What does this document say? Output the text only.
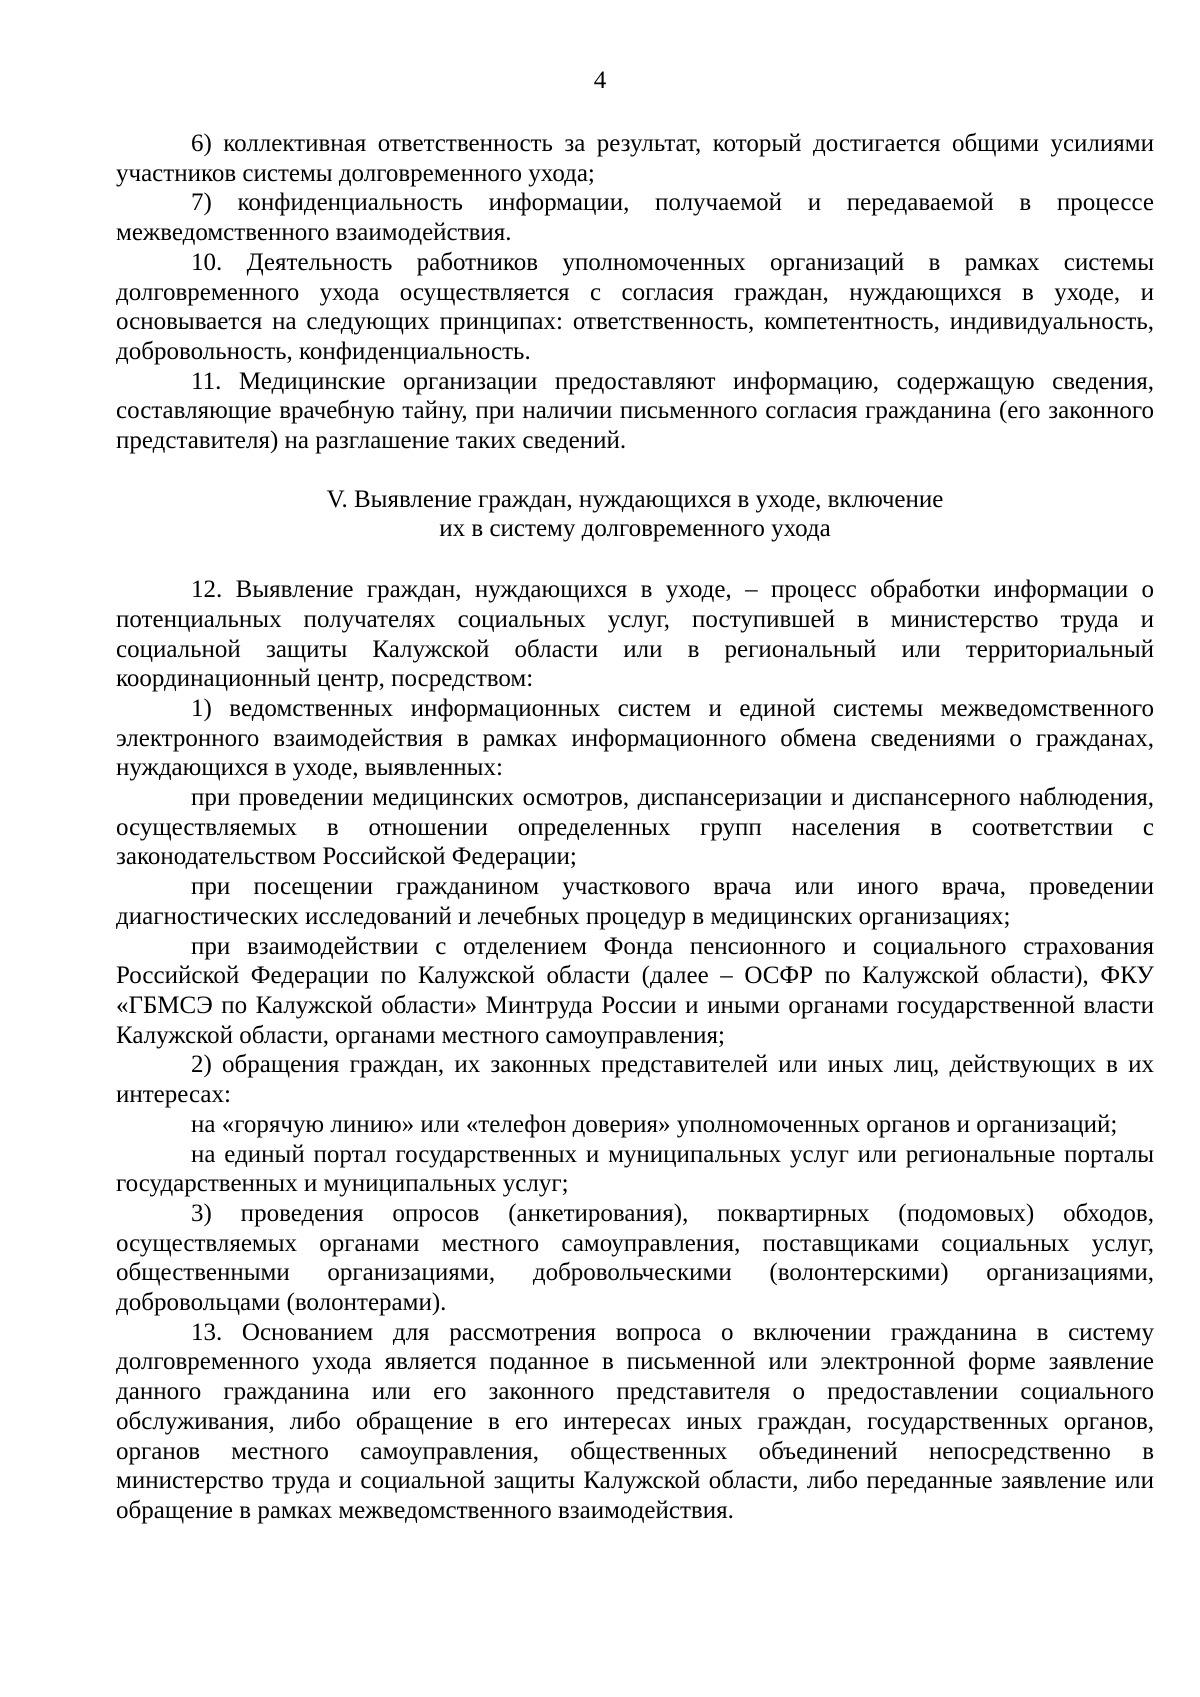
4

6) коллективная ответственность за результат, который достигается общими усилиями участников системы долговременного ухода;

7) конфиденциальность информации, получаемой и передаваемой в процессе межведомственного взаимодействия.

10. Деятельность работников уполномоченных организаций в рамках системы долговременного ухода осуществляется с согласия граждан, нуждающихся в уходе, и основывается на следующих принципах: ответственность, компетентность, индивидуальность, добровольность, конфиденциальность.

11. Медицинские организации предоставляют информацию, содержащую сведения, составляющие врачебную тайну, при наличии письменного согласия гражданина (его законного представителя) на разглашение таких сведений.

V. Выявление граждан, нуждающихся в уходе, включение
их в систему долговременного ухода

12. Выявление граждан, нуждающихся в уходе, – процесс обработки информации о потенциальных получателях социальных услуг, поступившей в министерство труда и социальной защиты Калужской области или в региональный или территориальный координационный центр, посредством:

1) ведомственных информационных систем и единой системы межведомственного электронного взаимодействия в рамках информационного обмена сведениями о гражданах, нуждающихся в уходе, выявленных:

при проведении медицинских осмотров, диспансеризации и диспансерного наблюдения, осуществляемых в отношении определенных групп населения в соответствии с законодательством Российской Федерации;

при посещении гражданином участкового врача или иного врача, проведении диагностических исследований и лечебных процедур в медицинских организациях;

при взаимодействии с отделением Фонда пенсионного и социального страхования Российской Федерации по Калужской области (далее – ОСФР по Калужской области), ФКУ «ГБМСЭ по Калужской области» Минтруда России и иными органами государственной власти Калужской области, органами местного самоуправления;

2) обращения граждан, их законных представителей или иных лиц, действующих в их интересах:

на «горячую линию» или «телефон доверия» уполномоченных органов и организаций;

на единый портал государственных и муниципальных услуг или региональные порталы государственных и муниципальных услуг;

3) проведения опросов (анкетирования), поквартирных (подомовых) обходов, осуществляемых органами местного самоуправления, поставщиками социальных услуг, общественными организациями, добровольческими (волонтерскими) организациями, добровольцами (волонтерами).

13. Основанием для рассмотрения вопроса о включении гражданина в систему долговременного ухода является поданное в письменной или электронной форме заявление данного гражданина или его законного представителя о предоставлении социального обслуживания, либо обращение в его интересах иных граждан, государственных органов, органов местного самоуправления, общественных объединений непосредственно в министерство труда и социальной защиты Калужской области, либо переданные заявление или обращение в рамках межведомственного взаимодействия.
